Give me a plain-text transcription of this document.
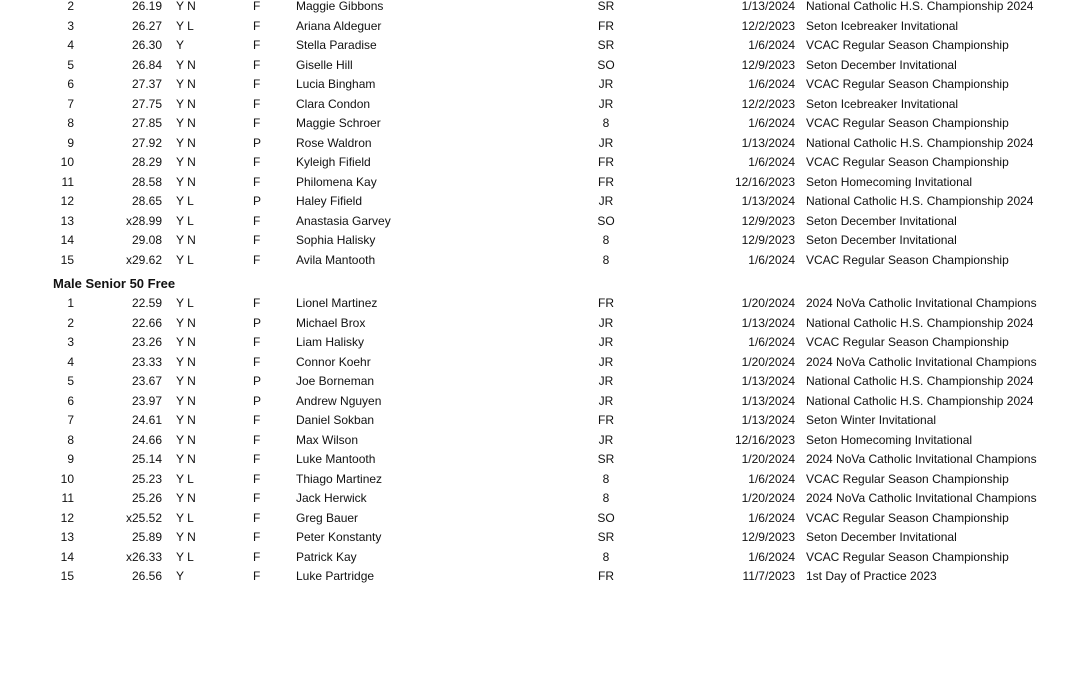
2	26.19 Y N	F	Maggie Gibbons	SR	1/13/2024 National Catholic H.S. Championship 2024
3	26.27 Y L	F	Ariana Aldeguer	FR	12/2/2023 Seton Icebreaker Invitational
4	26.30 Y	F	Stella Paradise	SR	1/6/2024 VCAC Regular Season Championship
5	26.84 Y N	F	Giselle Hill	SO	12/9/2023 Seton December Invitational
6	27.37 Y N	F	Lucia Bingham	JR	1/6/2024 VCAC Regular Season Championship
7	27.75 Y N	F	Clara Condon	JR	12/2/2023 Seton Icebreaker Invitational
8	27.85 Y N	F	Maggie Schroer	8	1/6/2024 VCAC Regular Season Championship
9	27.92 Y N	P	Rose Waldron	JR	1/13/2024 National Catholic H.S. Championship 2024
10	28.29 Y N	F	Kyleigh Fifield	FR	1/6/2024 VCAC Regular Season Championship
11	28.58 Y N	F	Philomena Kay	FR	12/16/2023 Seton Homecoming Invitational
12	28.65 Y L	P	Haley Fifield	JR	1/13/2024 National Catholic H.S. Championship 2024
13	x28.99 Y L	F	Anastasia Garvey	SO	12/9/2023 Seton December Invitational
14	29.08 Y N	F	Sophia Halisky	8	12/9/2023 Seton December Invitational
15	x29.62 Y L	F	Avila Mantooth	8	1/6/2024 VCAC Regular Season Championship
Male Senior 50 Free
1	22.59 Y L	F	Lionel Martinez	FR	1/20/2024 2024 NoVa Catholic Invitational Champions
2	22.66 Y N	P	Michael Brox	JR	1/13/2024 National Catholic H.S. Championship 2024
3	23.26 Y N	F	Liam Halisky	JR	1/6/2024 VCAC Regular Season Championship
4	23.33 Y N	F	Connor Koehr	JR	1/20/2024 2024 NoVa Catholic Invitational Champions
5	23.67 Y N	P	Joe Borneman	JR	1/13/2024 National Catholic H.S. Championship 2024
6	23.97 Y N	P	Andrew Nguyen	JR	1/13/2024 National Catholic H.S. Championship 2024
7	24.61 Y N	F	Daniel Sokban	FR	1/13/2024 Seton Winter Invitational
8	24.66 Y N	F	Max Wilson	JR	12/16/2023 Seton Homecoming Invitational
9	25.14 Y N	F	Luke Mantooth	SR	1/20/2024 2024 NoVa Catholic Invitational Champions
10	25.23 Y L	F	Thiago Martinez	8	1/6/2024 VCAC Regular Season Championship
11	25.26 Y N	F	Jack Herwick	8	1/20/2024 2024 NoVa Catholic Invitational Champions
12	x25.52 Y L	F	Greg Bauer	SO	1/6/2024 VCAC Regular Season Championship
13	25.89 Y N	F	Peter Konstanty	SR	12/9/2023 Seton December Invitational
14	x26.33 Y L	F	Patrick Kay	8	1/6/2024 VCAC Regular Season Championship
15	26.56 Y	F	Luke Partridge	FR	11/7/2023 1st Day of Practice 2023
